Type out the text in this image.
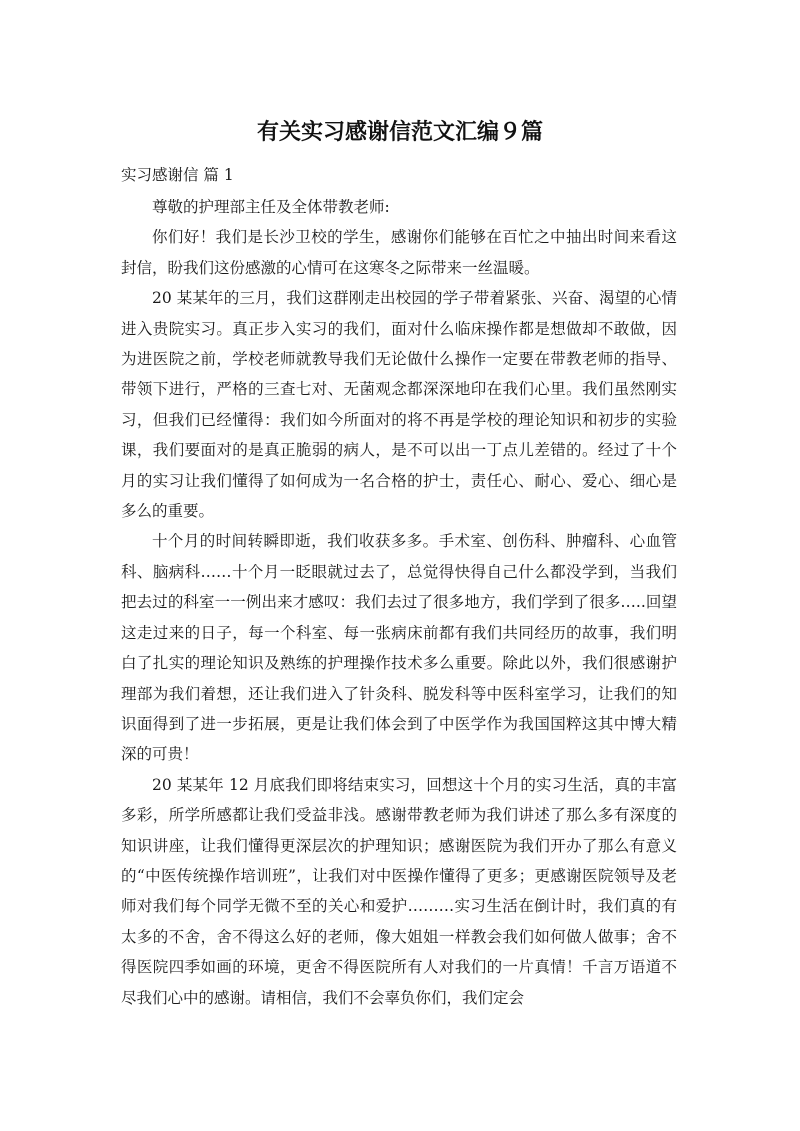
有关实习感谢信范文汇编９篇
实习感谢信 篇 1

尊敬的护理部主任及全体带教老师:

你们好！我们是长沙卫校的学生，感谢你们能够在百忙之中抽出时间来看这封信，盼我们这份感激的心情可在这寒冬之际带来一丝温暖。

20 某某年的三月，我们这群刚走出校园的学子带着紧张、兴奋、渴望的心情进入贵院实习。真正步入实习的我们，面对什么临床操作都是想做却不敢做，因为进医院之前，学校老师就教导我们无论做什么操作一定要在带教老师的指导、带领下进行，严格的三查七对、无菌观念都深深地印在我们心里。我们虽然刚实习，但我们已经懂得：我们如今所面对的将不再是学校的理论知识和初步的实验课，我们要面对的是真正脆弱的病人，是不可以出一丁点儿差错的。经过了十个月的实习让我们懂得了如何成为一名合格的护士，责任心、耐心、爱心、细心是多么的重要。

十个月的时间转瞬即逝，我们收获多多。手术室、创伤科、肿瘤科、心血管科、脑病科……十个月一眨眼就过去了，总觉得快得自己什么都没学到，当我们把去过的科室一一例出来才感叹：我们去过了很多地方，我们学到了很多…..回望这走过来的日子，每一个科室、每一张病床前都有我们共同经历的故事，我们明白了扎实的理论知识及熟练的护理操作技术多么重要。除此以外，我们很感谢护理部为我们着想，还让我们进入了针灸科、脱发科等中医科室学习，让我们的知识面得到了进一步拓展，更是让我们体会到了中医学作为我国国粹这其中博大精深的可贵！

20 某某年 12 月底我们即将结束实习，回想这十个月的实习生活，真的丰富多彩，所学所感都让我们受益非浅。感谢带教老师为我们讲述了那么多有深度的知识讲座，让我们懂得更深层次的护理知识；感谢医院为我们开办了那么有意义的“中医传统操作培训班”，让我们对中医操作懂得了更多；更感谢医院领导及老师对我们每个同学无微不至的关心和爱护………实习生活在倒计时，我们真的有太多的不舍，舍不得这么好的老师，像大姐姐一样教会我们如何做人做事；舍不得医院四季如画的环境，更舍不得医院所有人对我们的一片真情！千言万语道不尽我们心中的感谢。请相信，我们不会辜负你们，我们定会
